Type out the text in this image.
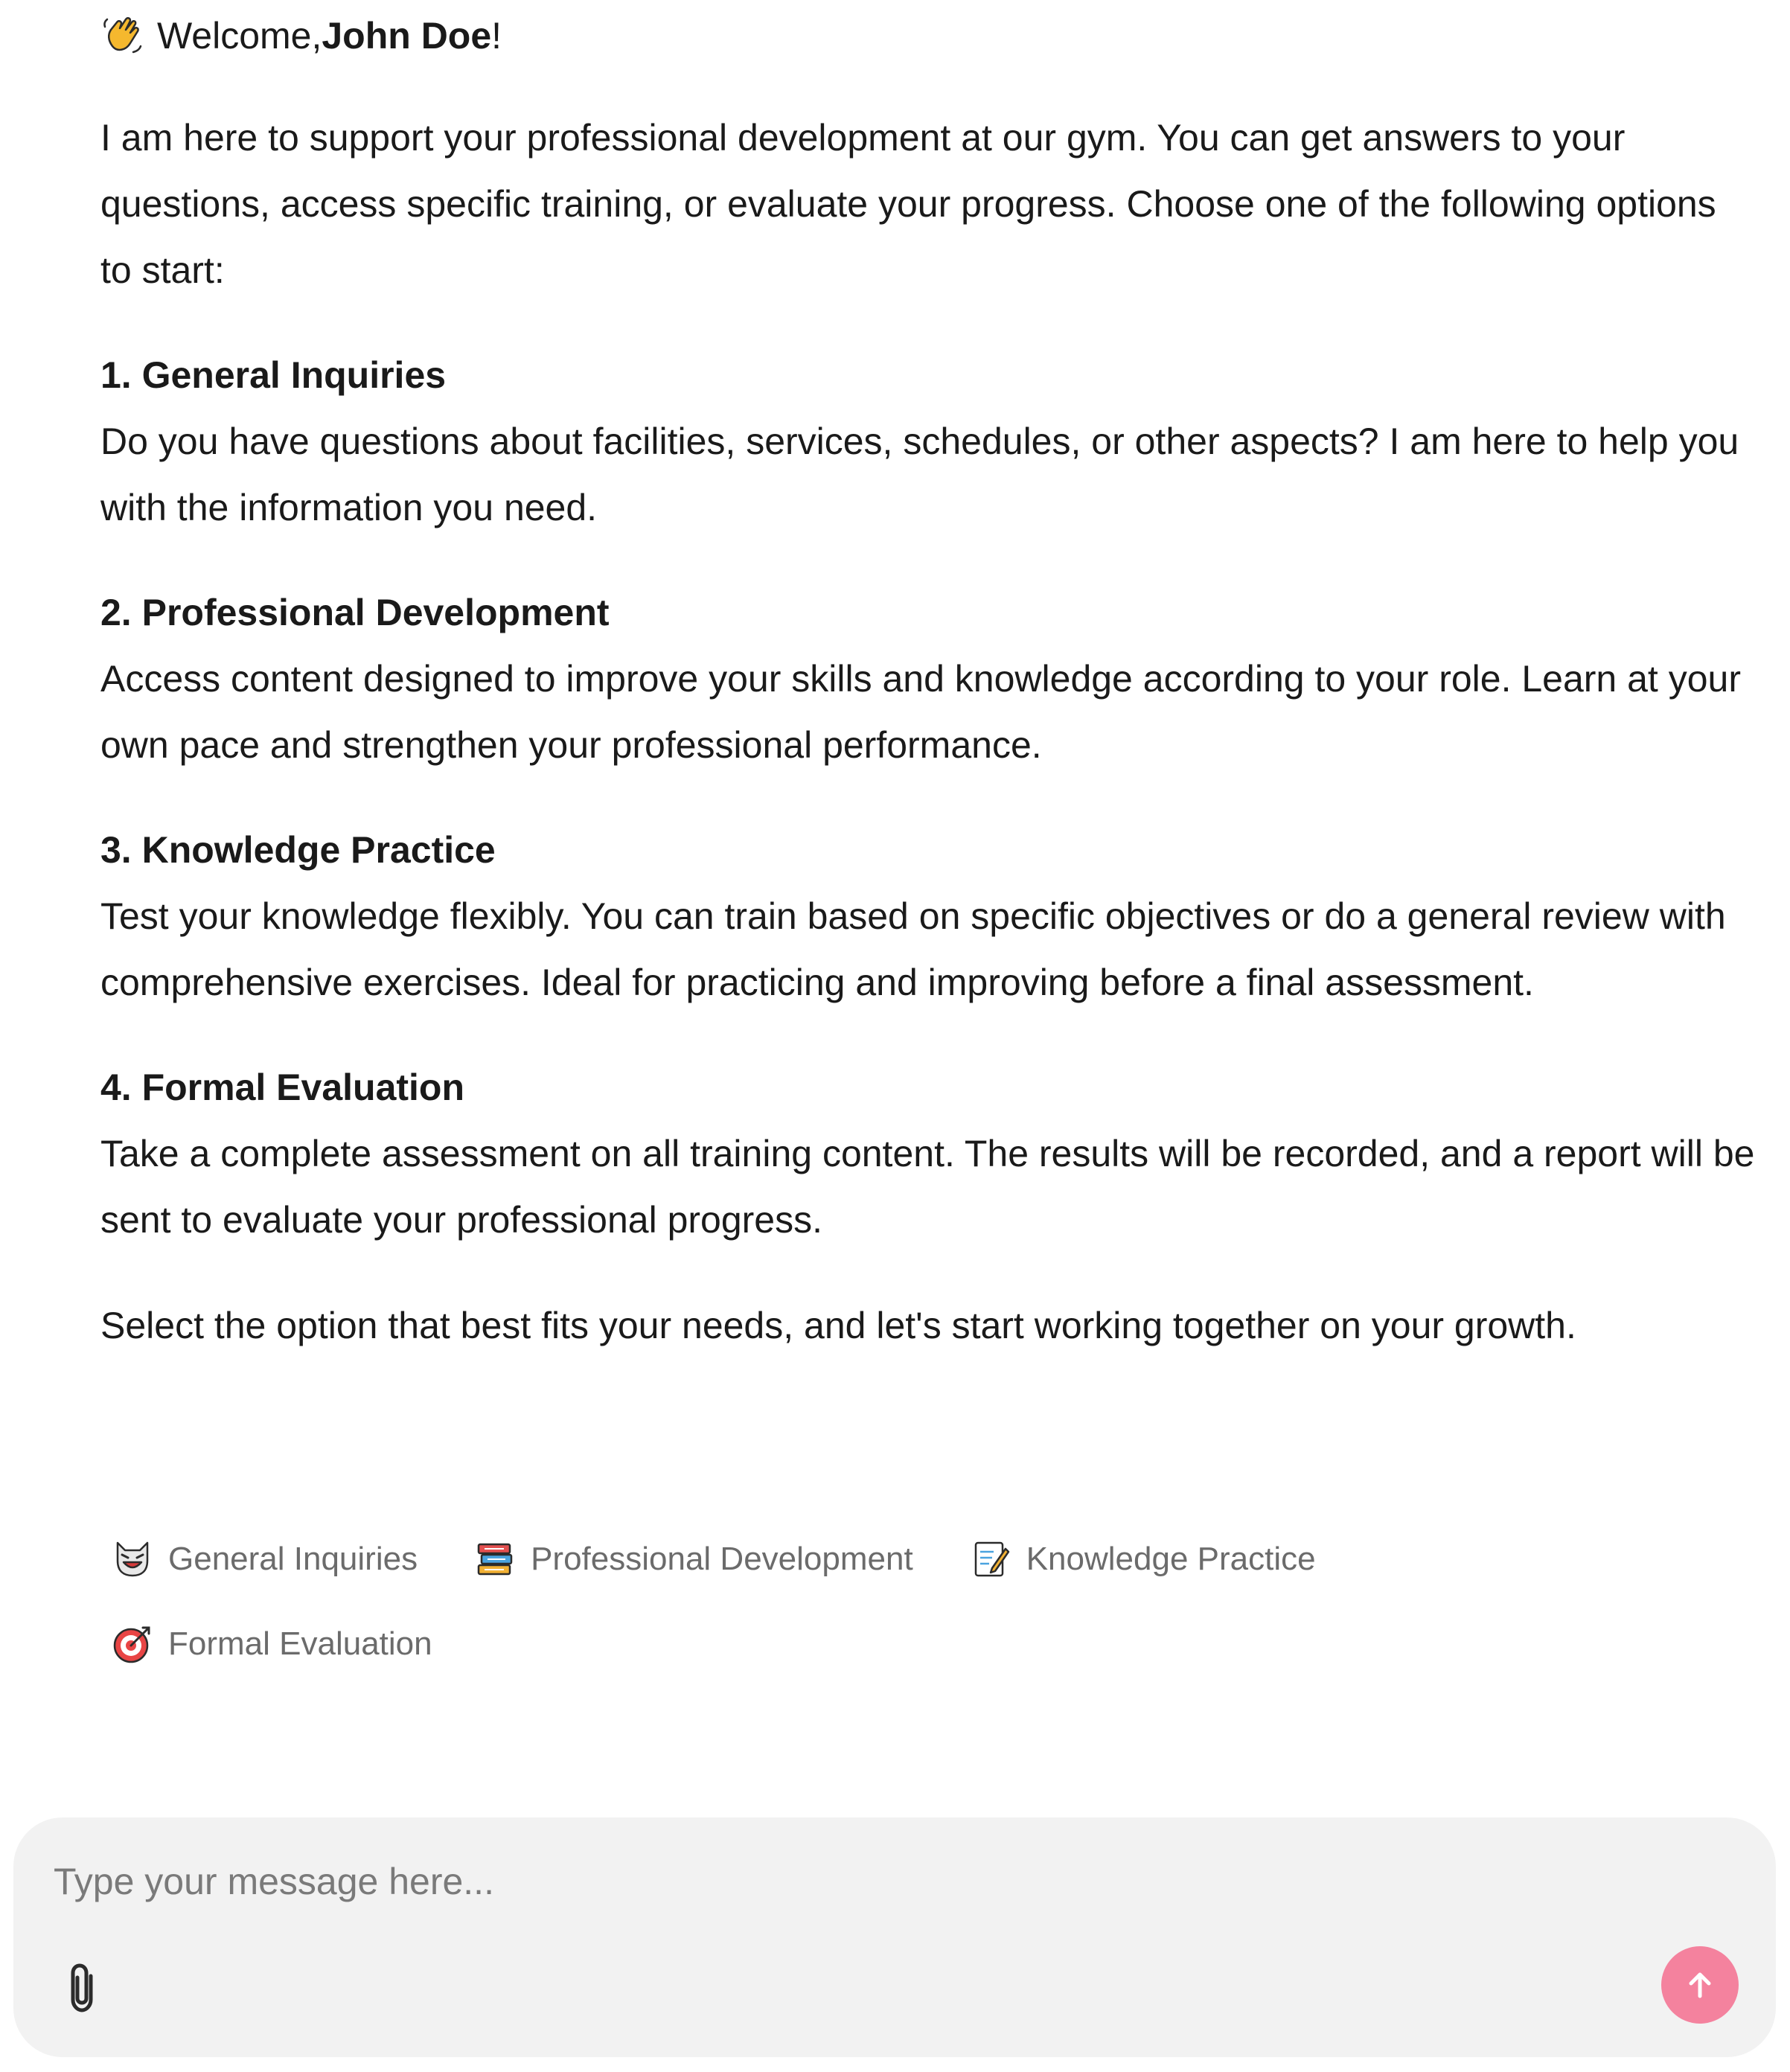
Welcome, John Doe !

I am here to support your professional development at our gym. You can get answers to your questions, access specific training, or evaluate your progress. Choose one of the following options to start:

1. General Inquiries

Do you have questions about facilities, services, schedules, or other aspects? I am here to help you with the information you need.

2. Professional Development

Access content designed to improve your skills and knowledge according to your role. Learn at your own pace and strengthen your professional performance.

3. Knowledge Practice

Test your knowledge flexibly. You can train based on specific objectives or do a general review with comprehensive exercises. Ideal for practicing and improving before a final assessment.

4. Formal Evaluation

Take a complete assessment on all training content. The results will be recorded, and a report will be sent to evaluate your professional progress.

Select the option that best fits your needs, and let's start working together on your growth.

General Inquiries	Professional Development	Knowledge Practice
Formal Evaluation
Type your message here...
